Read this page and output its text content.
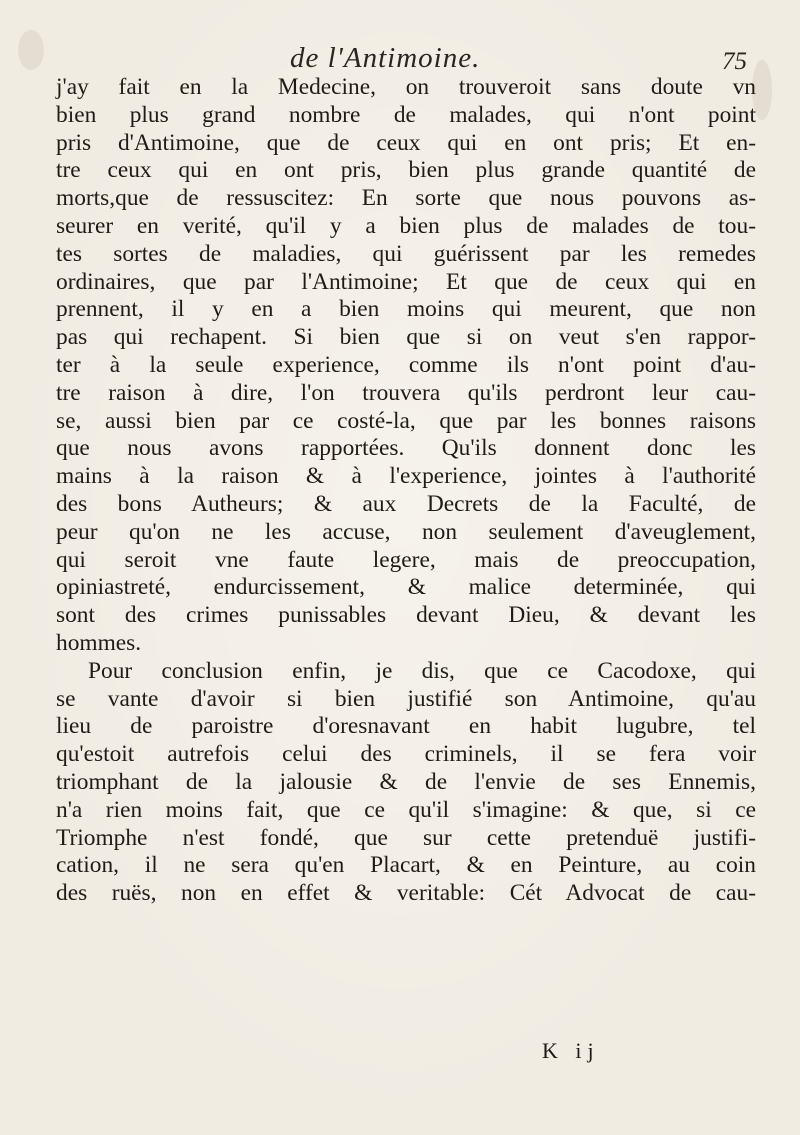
de l'Antimoine.	75
j'ay fait en la Medecine, on trouveroit sans doute vn
bien plus grand nombre de malades, qui n'ont point
pris d'Antimoine, que de ceux qui en ont pris; Et en-
tre ceux qui en ont pris, bien plus grande quantité de
morts,que de ressuscitez: En sorte que nous pouvons as-
seurer en verité, qu'il y a bien plus de malades de tou-
tes sortes de maladies, qui guérissent par les remedes
ordinaires, que par l'Antimoine; Et que de ceux qui en
prennent, il y en a bien moins qui meurent, que non
pas qui rechapent. Si bien que si on veut s'en rappor-
ter à la seule experience, comme ils n'ont point d'au-
tre raison à dire, l'on trouvera qu'ils perdront leur cau-
se, aussi bien par ce costé-la, que par les bonnes raisons
que nous avons rapportées. Qu'ils donnent donc les
mains à la raison & à l'experience, jointes à l'authorité
des bons Autheurs; & aux Decrets de la Faculté, de
peur qu'on ne les accuse, non seulement d'aveuglement,
qui seroit vne faute legere, mais de preoccupation,
opiniastreté, endurcissement, & malice determinée, qui
sont des crimes punissables devant Dieu, & devant les
hommes.
Pour conclusion enfin, je dis, que ce Cacodoxe, qui
se vante d'avoir si bien justifié son Antimoine, qu'au
lieu de paroistre d'oresnavant en habit lugubre, tel
qu'estoit autrefois celui des criminels, il se fera voir
triomphant de la jalousie & de l'envie de ses Ennemis,
n'a rien moins fait, que ce qu'il s'imagine: & que, si ce
Triomphe n'est fondé, que sur cette pretenduë justifi-
cation, il ne sera qu'en Placart, & en Peinture, au coin
des ruës, non en effet & veritable: Cét Advocat de cau-
K ij
